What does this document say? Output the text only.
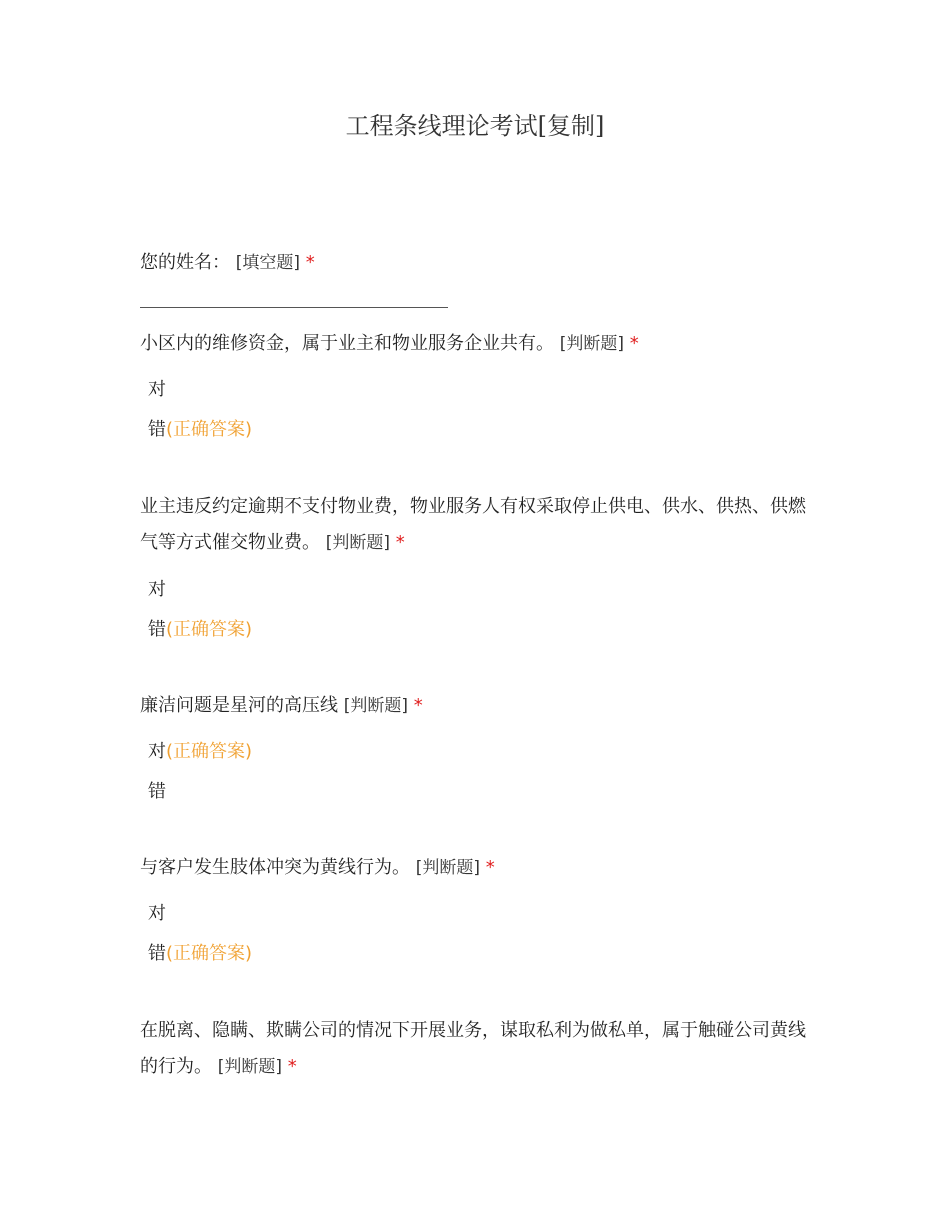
工程条线理论考试[复制]
您的姓名： [填空题] *
小区内的维修资金，属于业主和物业服务企业共有。 [判断题] *
对
错(正确答案)
业主违反约定逾期不支付物业费，物业服务人有权采取停止供电、供水、供热、供燃气等方式催交物业费。 [判断题] *
对
错(正确答案)
廉洁问题是星河的高压线 [判断题] *
对(正确答案)
错
与客户发生肢体冲突为黄线行为。 [判断题] *
对
错(正确答案)
在脱离、隐瞒、欺瞒公司的情况下开展业务，谋取私利为做私单，属于触碰公司黄线的行为。 [判断题] *
